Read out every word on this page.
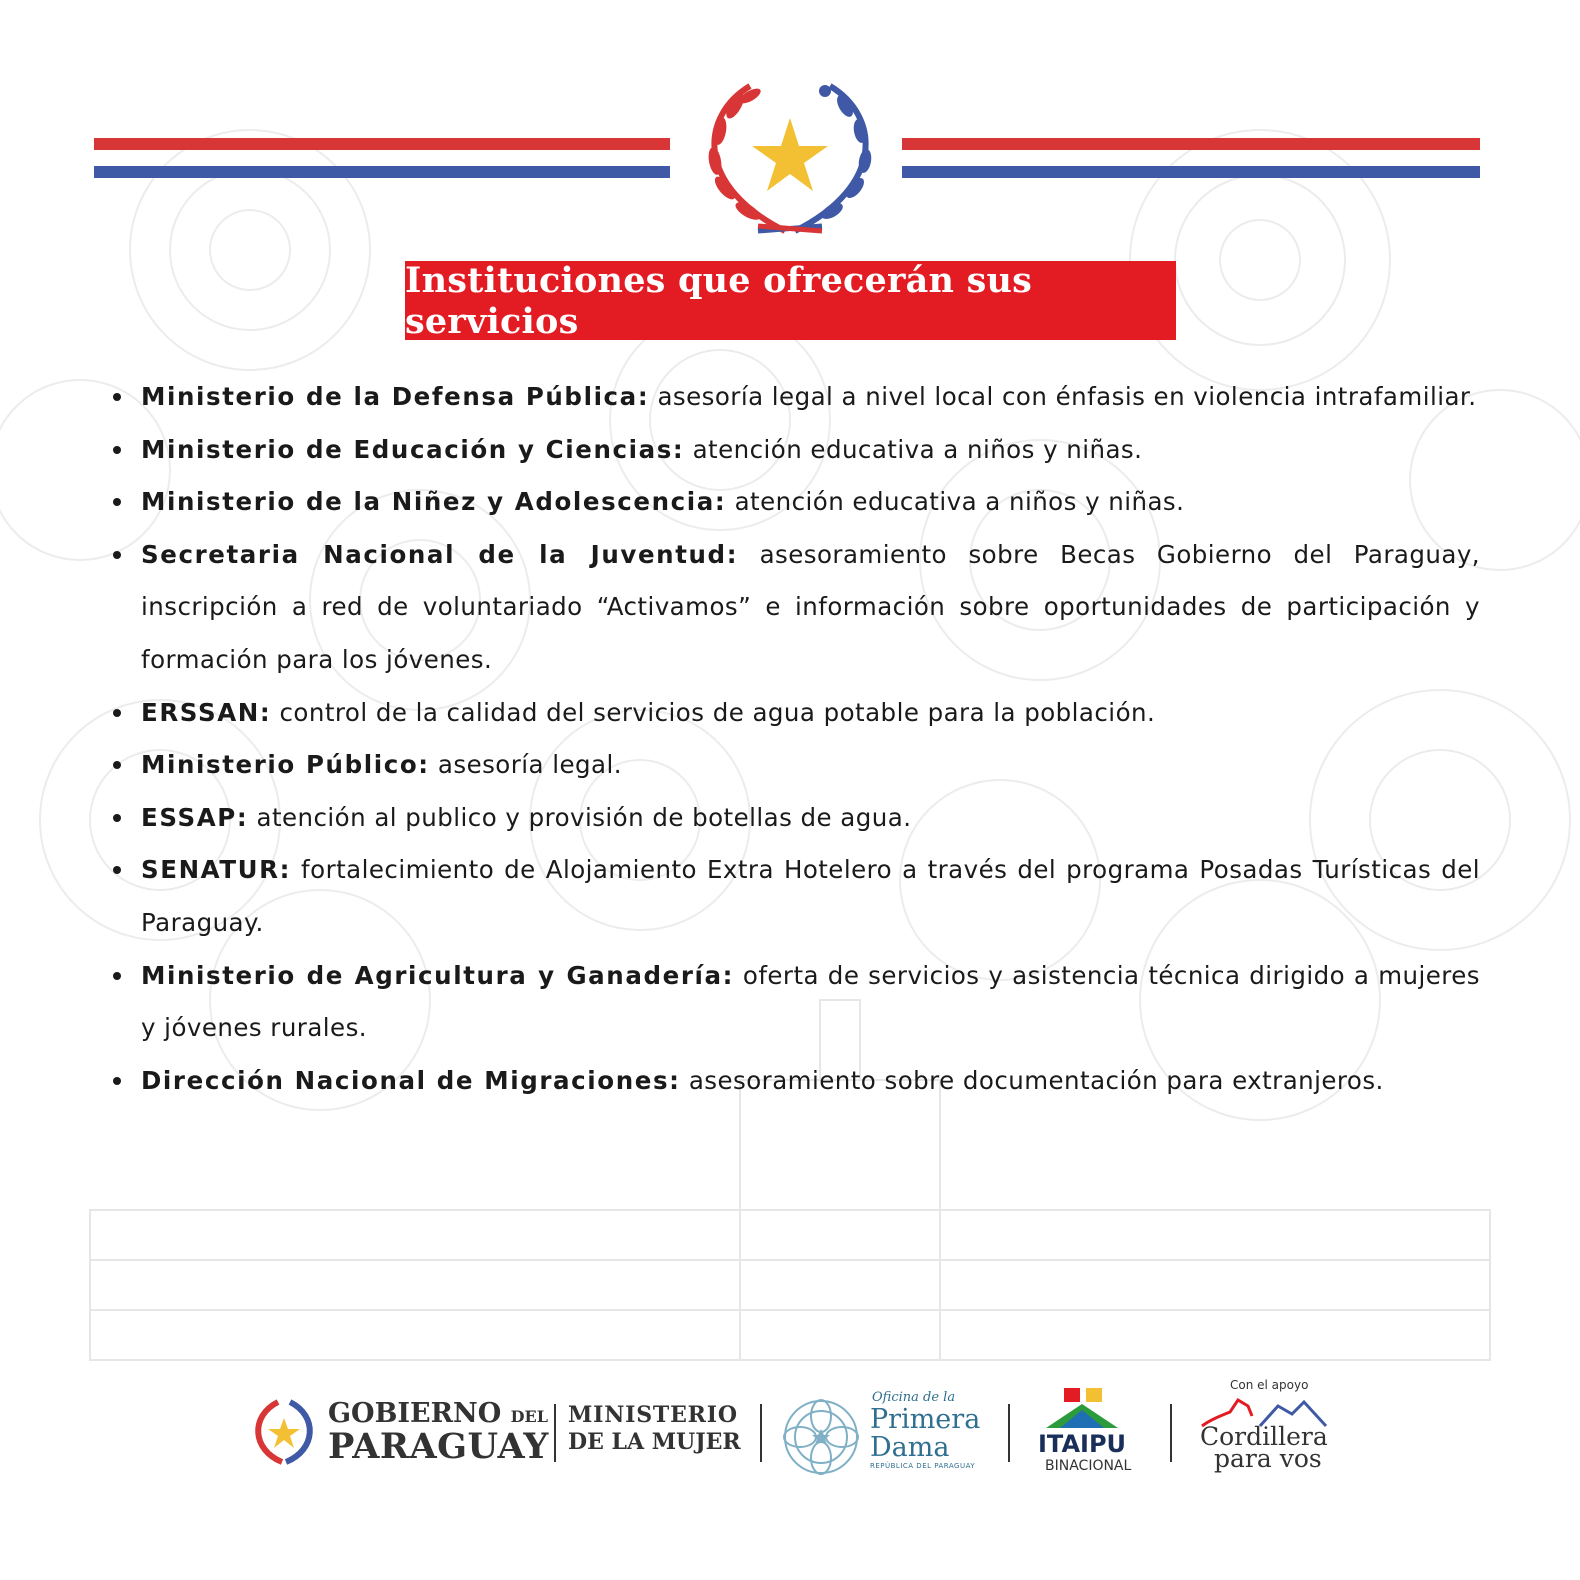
Instituciones que ofrecerán sus servicios
Ministerio de la Defensa Pública: asesoría legal a nivel local con énfasis en violencia intrafamiliar.
Ministerio de Educación y Ciencias: atención educativa a niños y niñas.
Ministerio de la Niñez y Adolescencia: atención educativa a niños y niñas.
Secretaria Nacional de la Juventud: asesoramiento sobre Becas Gobierno del Paraguay, inscripción a red de voluntariado “Activamos” e información sobre oportunidades de participación y formación para los jóvenes.
ERSSAN: control de la calidad del servicios de agua potable para la población.
Ministerio Público: asesoría legal.
ESSAP: atención al publico y provisión de botellas de agua.
SENATUR: fortalecimiento de Alojamiento Extra Hotelero a través del programa Posadas Turísticas del Paraguay.
Ministerio de Agricultura y Ganadería: oferta de servicios y asistencia técnica dirigido a mujeres y jóvenes rurales.
Dirección Nacional de Migraciones: asesoramiento sobre documentación para extranjeros.
GOBIERNO DEL
PARAGUAY
MINISTERIO
DE LA MUJER
Oficina de la
Primera
Dama
REPÚBLICA DEL PARAGUAY
ITAIPU
BINACIONAL
Con el apoyo
Cordillera
para vos
